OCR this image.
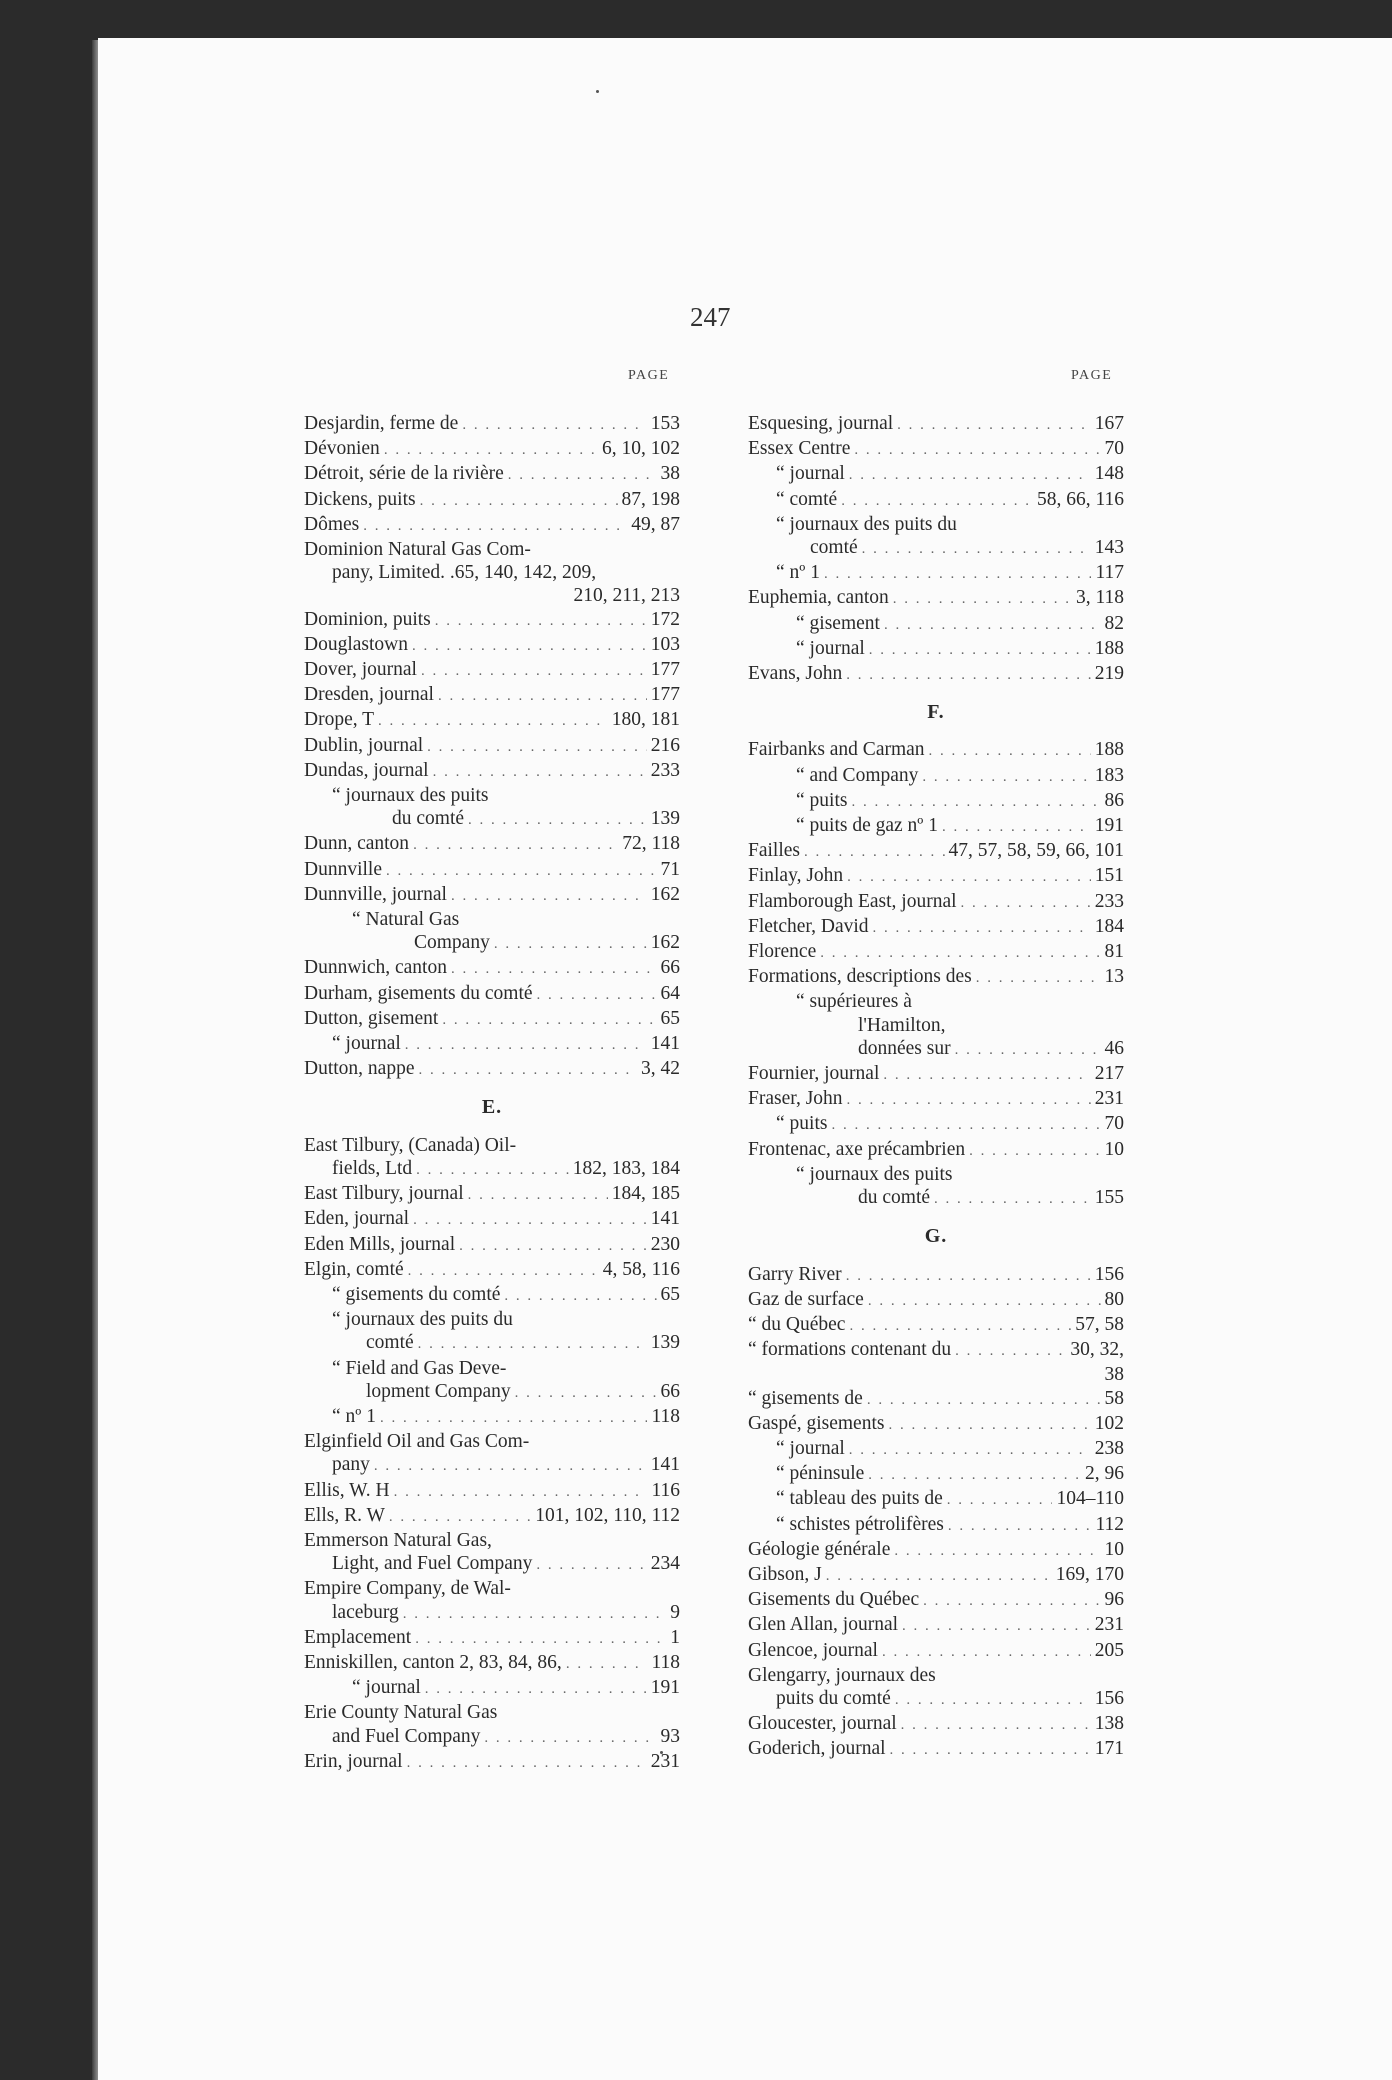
247
PAGE	PAGE
Desjardin, ferme de . . .	153
Dévonien . . .	6, 10, 102
Détroit, série de la rivière . . .	38
Dickens, puits . . .	87, 198
Dômes . . .	49, 87
Dominion Natural Gas Com-
pany, Limited. .65, 140, 142, 209,
210, 211, 213
Dominion, puits . . .	172
Douglastown . . .	103
Dover, journal . . .	177
Dresden, journal . . .	177
Drope, T . . .	180, 181
Dublin, journal . . .	216
Dundas, journal . . .	233
“ journaux des puits
du comté . . .	139
Dunn, canton . . .	72, 118
Dunnville . . .	71
Dunnville, journal . . .	162
“ Natural Gas
Company . . .	162
Dunnwich, canton . . .	66
Durham, gisements du comté . . .	64
Dutton, gisement . . .	65
“ journal . . .	141
Dutton, nappe . . .	3, 42
E.
East Tilbury, (Canada) Oil-
fields, Ltd . . .	182, 183, 184
East Tilbury, journal . . .	184, 185
Eden, journal . . .	141
Eden Mills, journal . . .	230
Elgin, comté . . .	4, 58, 116
“ gisements du comté . . .	65
“ journaux des puits du
comté . . .	139
“ Field and Gas Deve-
lopment Company . . .	66
“ nº 1 . . .	118
Elginfield Oil and Gas Com-
pany . . .	141
Ellis, W. H . . .	116
Ells, R. W . . .	101, 102, 110, 112
Emmerson Natural Gas,
Light, and Fuel Company . . .	234
Empire Company, de Wal-
laceburg . . .	9
Emplacement . . .	1
Enniskillen, canton 2, 83, 84, 86, . . .	118
“ journal . . .	191
Erie County Natural Gas
and Fuel Company . . .	93
Erin, journal . . .	231
Esquesing, journal . . .	167
Essex Centre . . .	70
“ journal . . .	148
“ comté . . .	58, 66, 116
“ journaux des puits du
comté . . .	143
“ nº 1 . . .	117
Euphemia, canton . . .	3, 118
“ gisement . . .	82
“ journal . . .	188
Evans, John . . .	219
F.
Fairbanks and Carman . . .	188
“ and Company . . .	183
“ puits . . .	86
“ puits de gaz nº 1 . . .	191
Failles . . .	47, 57, 58, 59, 66, 101
Finlay, John . . .	151
Flamborough East, journal . . .	233
Fletcher, David . . .	184
Florence . . .	81
Formations, descriptions des . . .	13
“ supérieures à
l'Hamilton,
données sur . . .	46
Fournier, journal . . .	217
Fraser, John . . .	231
“ puits . . .	70
Frontenac, axe précambrien . . .	10
“ journaux des puits
du comté . . .	155
G.
Garry River . . .	156
Gaz de surface . . .	80
“ du Québec . . .	57, 58
“ formations contenant du . . .	30, 32,
38
“ gisements de . . .	58
Gaspé, gisements . . .	102
“ journal . . .	238
“ péninsule . . .	2, 96
“ tableau des puits de . . .	104–110
“ schistes pétrolifères . . .	112
Géologie générale . . .	10
Gibson, J . . .	169, 170
Gisements du Québec . . .	96
Glen Allan, journal . . .	231
Glencoe, journal . . .	205
Glengarry, journaux des
puits du comté . . .	156
Gloucester, journal . . .	138
Goderich, journal . . .	171
